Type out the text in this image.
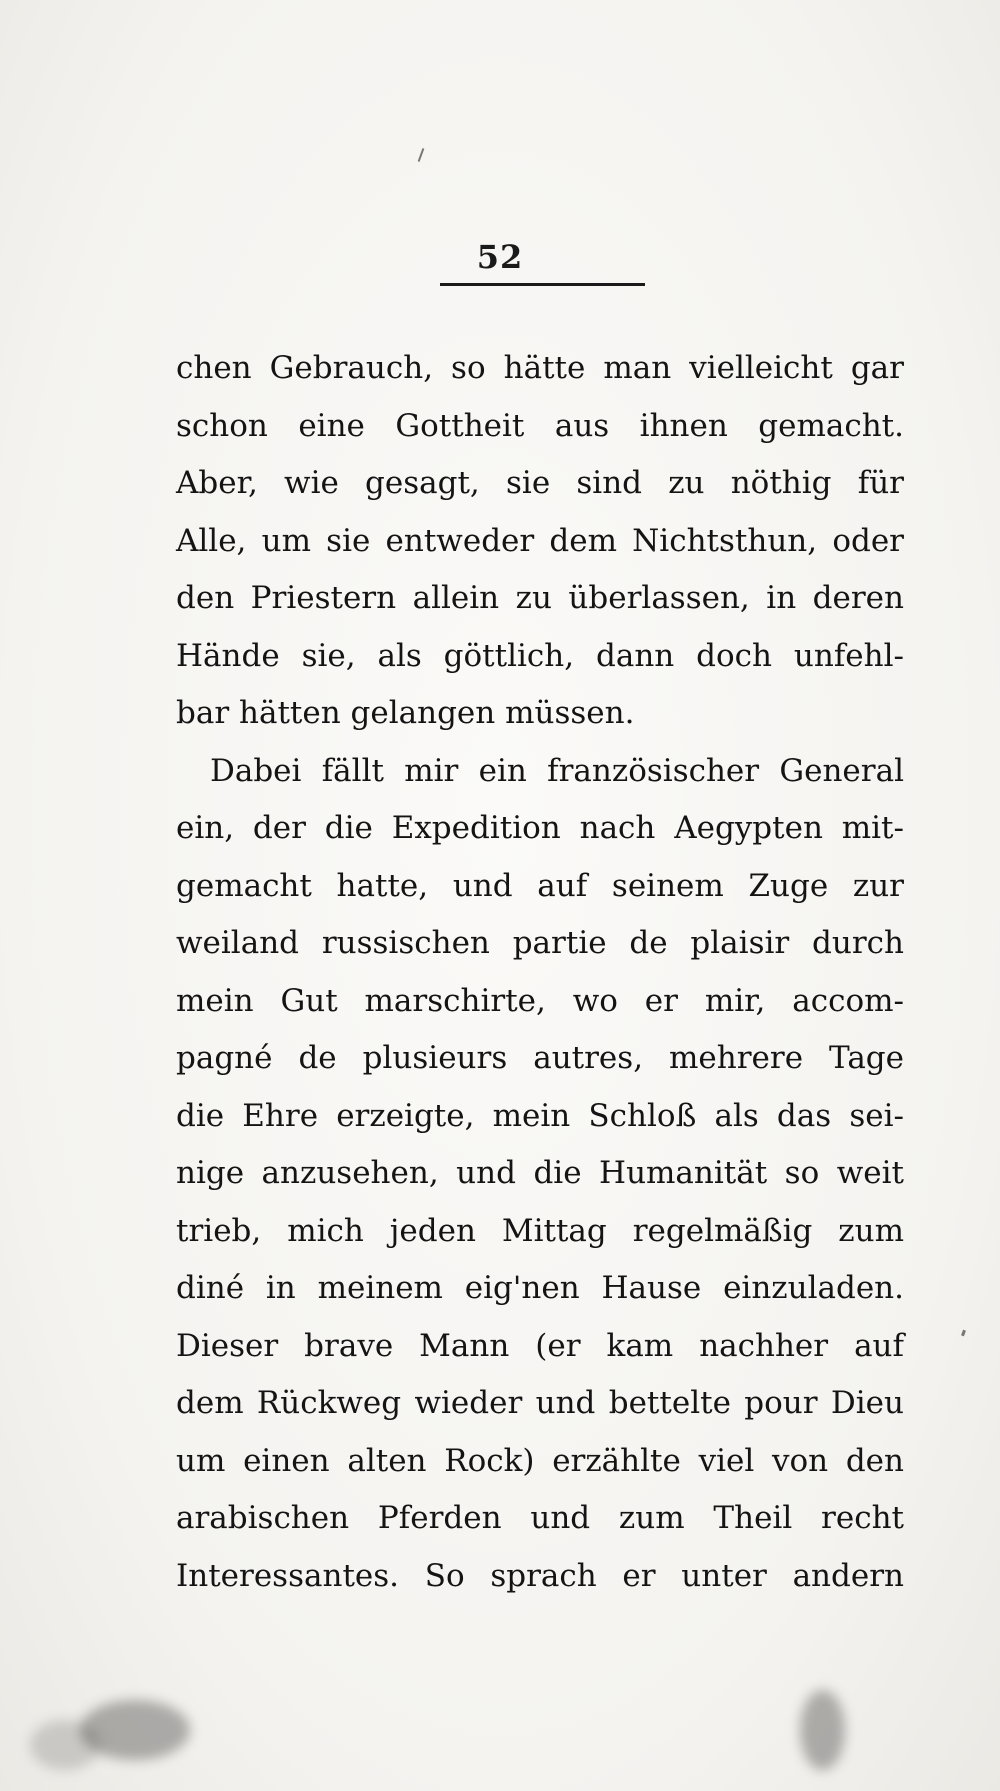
52
chen Gebrauch, so hätte man vielleicht gar
schon eine Gottheit aus ihnen gemacht.
Aber, wie gesagt, sie sind zu nöthig für
Alle, um sie entweder dem Nichtsthun, oder
den Priestern allein zu überlassen, in deren
Hände sie, als göttlich, dann doch unfehl-
bar hätten gelangen müssen.
Dabei fällt mir ein französischer General
ein, der die Expedition nach Aegypten mit-
gemacht hatte, und auf seinem Zuge zur
weiland russischen partie de plaisir durch
mein Gut marschirte, wo er mir, accom-
pagné de plusieurs autres, mehrere Tage
die Ehre erzeigte, mein Schloß als das sei-
nige anzusehen, und die Humanität so weit
trieb, mich jeden Mittag regelmäßig zum
diné in meinem eig'nen Hause einzuladen.
Dieser brave Mann (er kam nachher auf
dem Rückweg wieder und bettelte pour Dieu
um einen alten Rock) erzählte viel von den
arabischen Pferden und zum Theil recht
Interessantes. So sprach er unter andern
